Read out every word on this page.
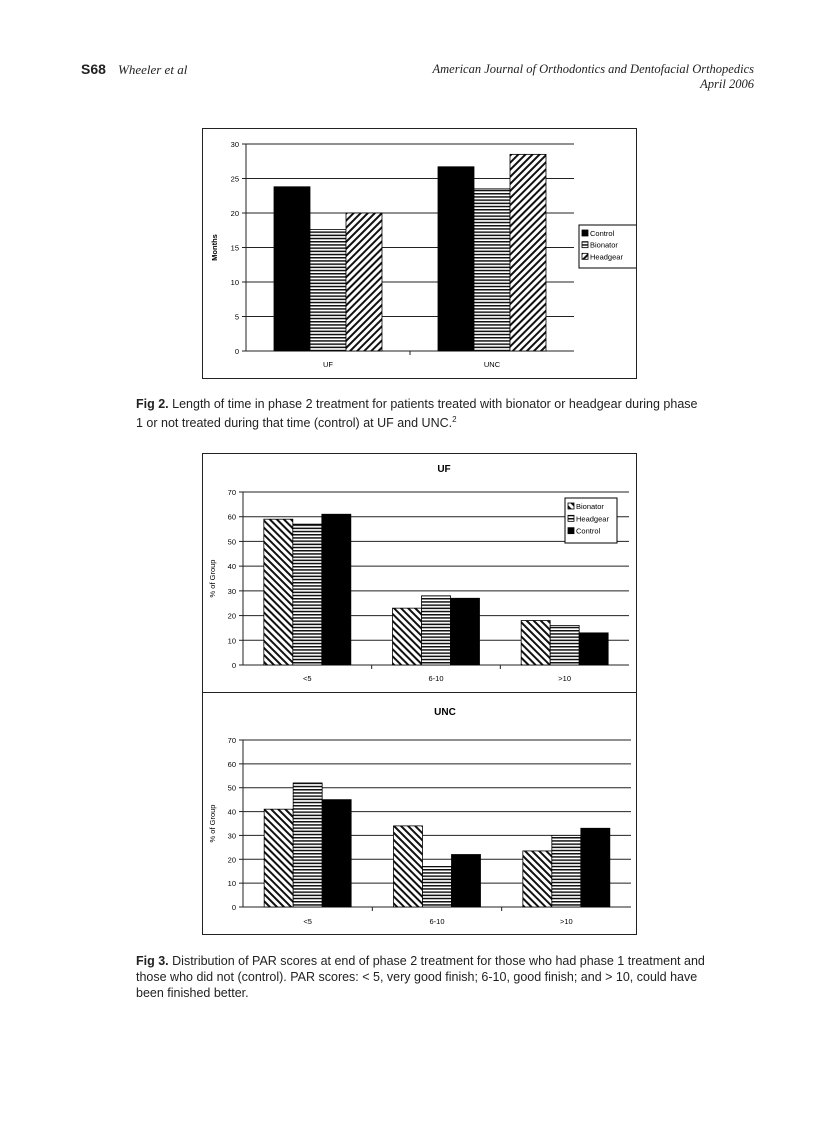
S68 Wheeler et al	American Journal of Orthodontics and Dentofacial Orthopedics
April 2006
0
5
10
15
20
25
30
Months
UF	UNC
Control
Bionator
Headgear
Fig 2. Length of time in phase 2 treatment for patients treated with bionator or headgear during phase 1 or not treated during that time (control) at UF and UNC.$^2$
UF
0
10
20
30
40
50
60
70
% of Group
<5	6-10	>10
Bionator
Headgear
Control
UNC
0
10
20
30
40
50
60
70
% of Group
<5	6-10	>10
Fig 3. Distribution of PAR scores at end of phase 2 treatment for those who had phase 1 treatment and those who did not (control). PAR scores: < 5, very good finish; 6-10, good finish; and > 10, could have been finished better.
